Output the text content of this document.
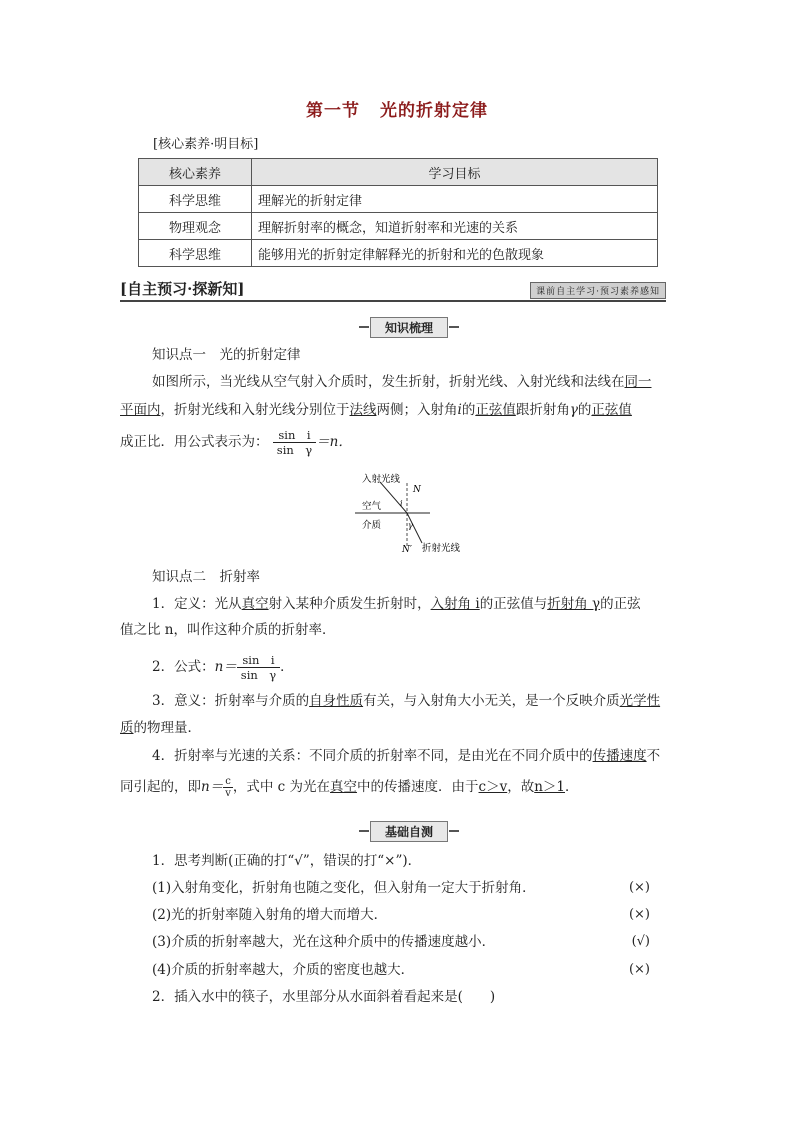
第一节 光的折射定律
[核心素养·明目标]
核心素养	学习目标
科学思维	理解光的折射定律
物理观念	理解折射率的概念，知道折射率和光速的关系
科学思维	能够用光的折射定律解释光的折射和光的色散现象
[自主预习·探新知]	课前自主学习·预习素养感知
知识梳理
知识点一　光的折射定律
如图所示，当光线从空气射入介质时，发生折射，折射光线、入射光线和法线在同一
平面内，折射光线和入射光线分别位于法线两侧；入射角i的正弦值跟折射角γ的正弦值
成正比．用公式表示为： $\frac{\text{sin　i}}{\text{sin　γ}} =n$．
入射光线
N
i
空气
介质	γ
N′ 折射光线
知识点二　折射率
1．定义：光从真空射入某种介质发生折射时，入射角 i的正弦值与折射角 γ的正弦
值之比 n，叫作这种介质的折射率．
2．公式：$n= \frac{\text{sin　i}}{\text{sin　γ}}$ ．
3．意义：折射率与介质的自身性质有关，与入射角大小无关，是一个反映介质光学性
质的物理量．
4．折射率与光速的关系：不同介质的折射率不同，是由光在不同介质中的传播速度不
同引起的，即$n= \frac{c}{v}$ ，式中 c 为光在真空中的传播速度．由于c＞v，故n＞1．
基础自测
1．思考判断(正确的打“√”，错误的打“×”)．
(1)入射角变化，折射角也随之变化，但入射角一定大于折射角．	(×)
(2)光的折射率随入射角的增大而增大．	(×)
(3)介质的折射率越大，光在这种介质中的传播速度越小．	(√)
(4)介质的折射率越大，介质的密度也越大．	(×)
2．插入水中的筷子，水里部分从水面斜着看起来是(　　)
